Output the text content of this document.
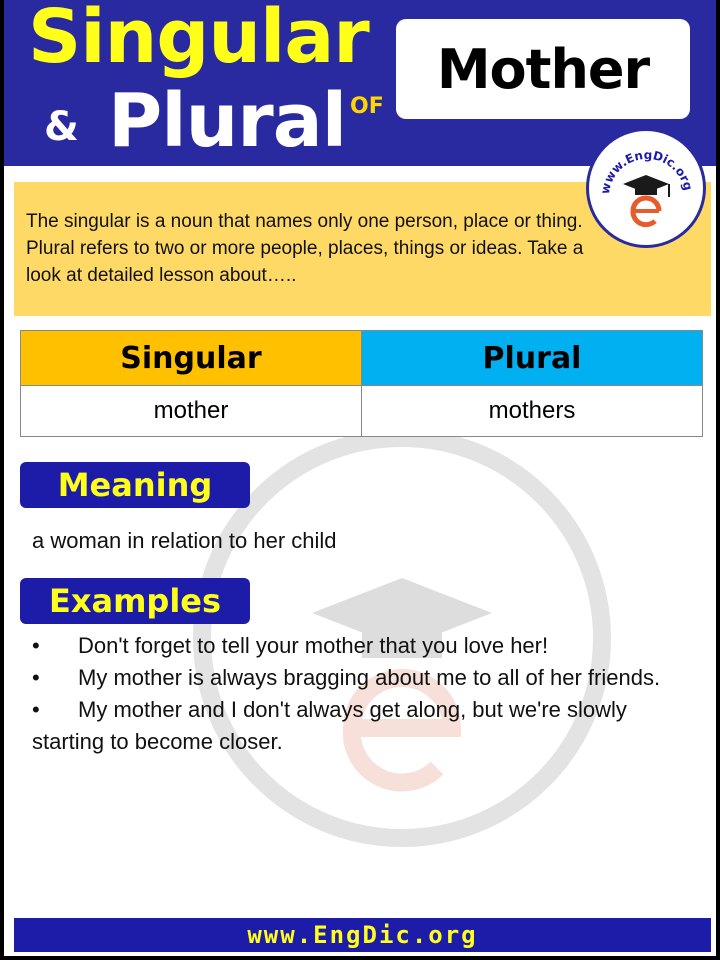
Singular
& Plural OF
Mother
www.EngDic.org
The singular is a noun that names only one person, place or thing. Plural refers to two or more people, places, things or ideas. Take a look at detailed lesson about…..
Singular	Plural
mother	mothers
Meaning
a woman in relation to her child
Examples
• Don't forget to tell your mother that you love her!
• My mother is always bragging about me to all of her friends.
• My mother and I don't always get along, but we're slowly starting to become closer.
www.EngDic.org
